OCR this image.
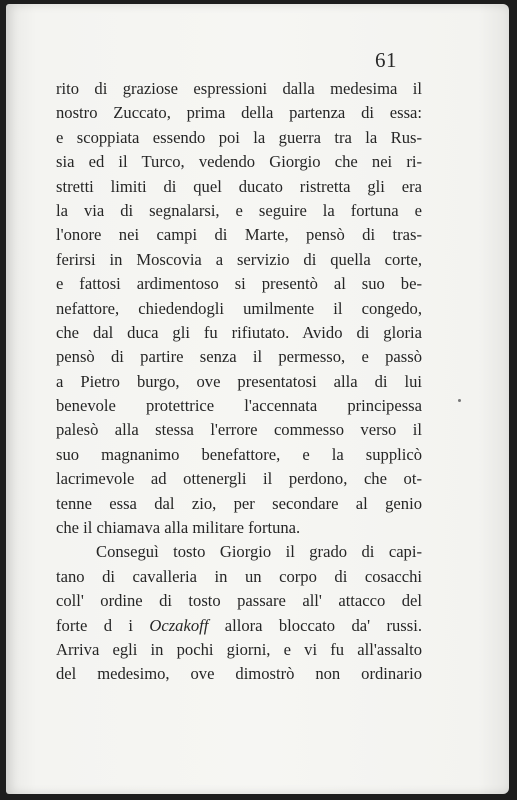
61
rito di graziose espressioni dalla medesima il
nostro Zuccato, prima della partenza di essa:
e scoppiata essendo poi la guerra tra la Rus-
sia ed il Turco, vedendo Giorgio che nei ri-
stretti limiti di quel ducato ristretta gli era
la via di segnalarsi, e seguire la fortuna e
l'onore nei campi di Marte, pensò di tras-
ferirsi in Moscovia a servizio di quella corte,
e fattosi ardimentoso si presentò al suo be-
nefattore, chiedendogli umilmente il congedo,
che dal duca gli fu rifiutato. Avido di gloria
pensò di partire senza il permesso, e passò
a Pietro burgo, ove presentatosi alla di lui
benevole protettrice l'accennata principessa
palesò alla stessa l'errore commesso verso il
suo magnanimo benefattore, e la supplicò
lacrimevole ad ottenergli il perdono, che ot-
tenne essa dal zio, per secondare al genio
che il chiamava alla militare fortuna.
Conseguì tosto Giorgio il grado di capi-
tano di cavalleria in un corpo di cosacchi
coll' ordine di tosto passare all' attacco del
forte d i Oczakoff allora bloccato da' russi.
Arriva egli in pochi giorni, e vi fu all'assalto
del medesimo, ove dimostrò non ordinario
